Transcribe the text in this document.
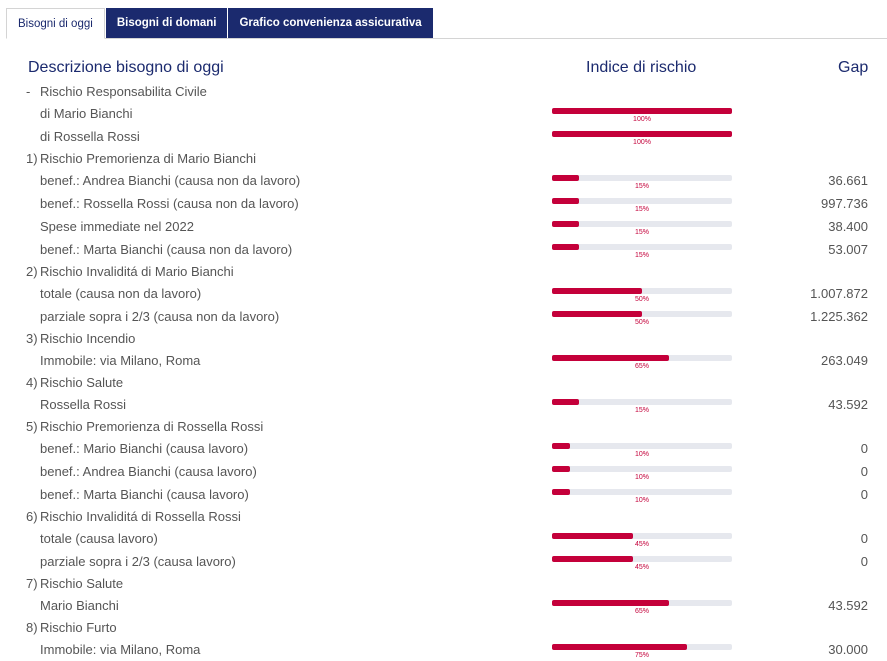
Bisogni di oggi	Bisogni di domani	Grafico convenienza assicurativa
Descrizione bisogno di oggi	Indice di rischio	Gap
- Rischio Responsabilita Civile
di Mario Bianchi	100%
di Rossella Rossi	100%
1) Rischio Premorienza di Mario Bianchi
benef.: Andrea Bianchi (causa non da lavoro)	15%	36.661
benef.: Rossella Rossi (causa non da lavoro)	15%	997.736
Spese immediate nel 2022	15%	38.400
benef.: Marta Bianchi (causa non da lavoro)	15%	53.007
2) Rischio Invaliditá di Mario Bianchi
totale (causa non da lavoro)	50%	1.007.872
parziale sopra i 2/3 (causa non da lavoro)	50%	1.225.362
3) Rischio Incendio
Immobile: via Milano, Roma	65%	263.049
4) Rischio Salute
Rossella Rossi	15%	43.592
5) Rischio Premorienza di Rossella Rossi
benef.: Mario Bianchi (causa lavoro)	10%	0
benef.: Andrea Bianchi (causa lavoro)	10%	0
benef.: Marta Bianchi (causa lavoro)	10%	0
6) Rischio Invaliditá di Rossella Rossi
totale (causa lavoro)	45%	0
parziale sopra i 2/3 (causa lavoro)	45%	0
7) Rischio Salute
Mario Bianchi	65%	43.592
8) Rischio Furto
Immobile: via Milano, Roma	75%	30.000
